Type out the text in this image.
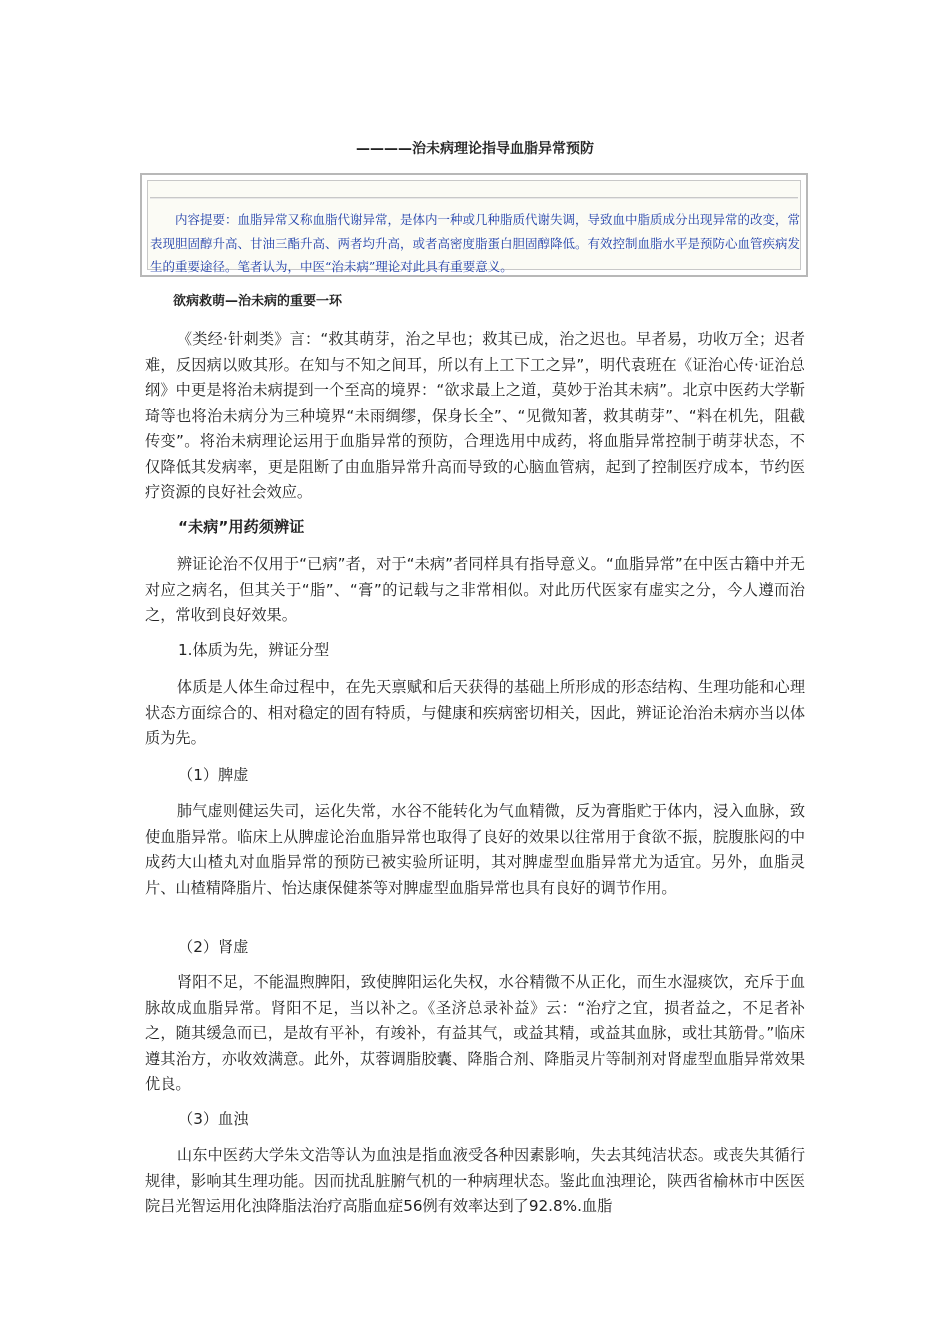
————治未病理论指导血脂异常预防
内容提要：血脂异常又称血脂代谢异常，是体内一种或几种脂质代谢失调，导致血中脂质成分出现异常的改变，常表现胆固醇升高、甘油三酯升高、两者均升高，或者高密度脂蛋白胆固醇降低。有效控制血脂水平是预防心血管疾病发生的重要途径。笔者认为，中医“治未病”理论对此具有重要意义。
欲病救萌—治未病的重要一环
《类经·针刺类》言：“救其萌芽，治之早也；救其已成，治之迟也。早者易，功收万全；迟者难，反因病以败其形。在知与不知之间耳，所以有上工下工之异”，明代袁班在《证治心传·证治总纲》中更是将治未病提到一个至高的境界：“欲求最上之道，莫妙于治其未病”。北京中医药大学靳琦等也将治未病分为三种境界“未雨绸缪，保身长全”、“见微知著，救其萌芽”、“料在机先，阻截传变”。将治未病理论运用于血脂异常的预防，合理选用中成药，将血脂异常控制于萌芽状态，不仅降低其发病率，更是阻断了由血脂异常升高而导致的心脑血管病，起到了控制医疗成本，节约医疗资源的良好社会效应。
“未病”用药须辨证
辨证论治不仅用于“已病”者，对于“未病”者同样具有指导意义。“血脂异常”在中医古籍中并无对应之病名，但其关于“脂”、“膏”的记载与之非常相似。对此历代医家有虚实之分，今人遵而治之，常收到良好效果。
1.体质为先，辨证分型
体质是人体生命过程中，在先天禀赋和后天获得的基础上所形成的形态结构、生理功能和心理状态方面综合的、相对稳定的固有特质，与健康和疾病密切相关，因此，辨证论治治未病亦当以体质为先。
（1）脾虚
肺气虚则健运失司，运化失常，水谷不能转化为气血精微，反为膏脂贮于体内，浸入血脉，致使血脂异常。临床上从脾虚论治血脂异常也取得了良好的效果以往常用于食欲不振，脘腹胀闷的中成药大山楂丸对血脂异常的预防已被实验所证明，其对脾虚型血脂异常尤为适宜。另外，血脂灵片、山楂精降脂片、怡达康保健茶等对脾虚型血脂异常也具有良好的调节作用。
（2）肾虚
肾阳不足，不能温煦脾阳，致使脾阳运化失权，水谷精微不从正化，而生水湿痰饮，充斥于血脉故成血脂异常。肾阳不足，当以补之。《圣济总录补益》云：“治疗之宜，损者益之，不足者补之，随其缓急而已，是故有平补，有竣补，有益其气，或益其精，或益其血脉，或壮其筋骨。”临床遵其治方，亦收效满意。此外，苁蓉调脂胶囊、降脂合剂、降脂灵片等制剂对肾虚型血脂异常效果优良。
（3）血浊
山东中医药大学朱文浩等认为血浊是指血液受各种因素影响，失去其纯洁状态。或丧失其循行规律，影响其生理功能。因而扰乱脏腑气机的一种病理状态。鉴此血浊理论，陕西省榆林市中医医院吕光智运用化浊降脂法治疗高脂血症56例有效率达到了92.8%.血脂
